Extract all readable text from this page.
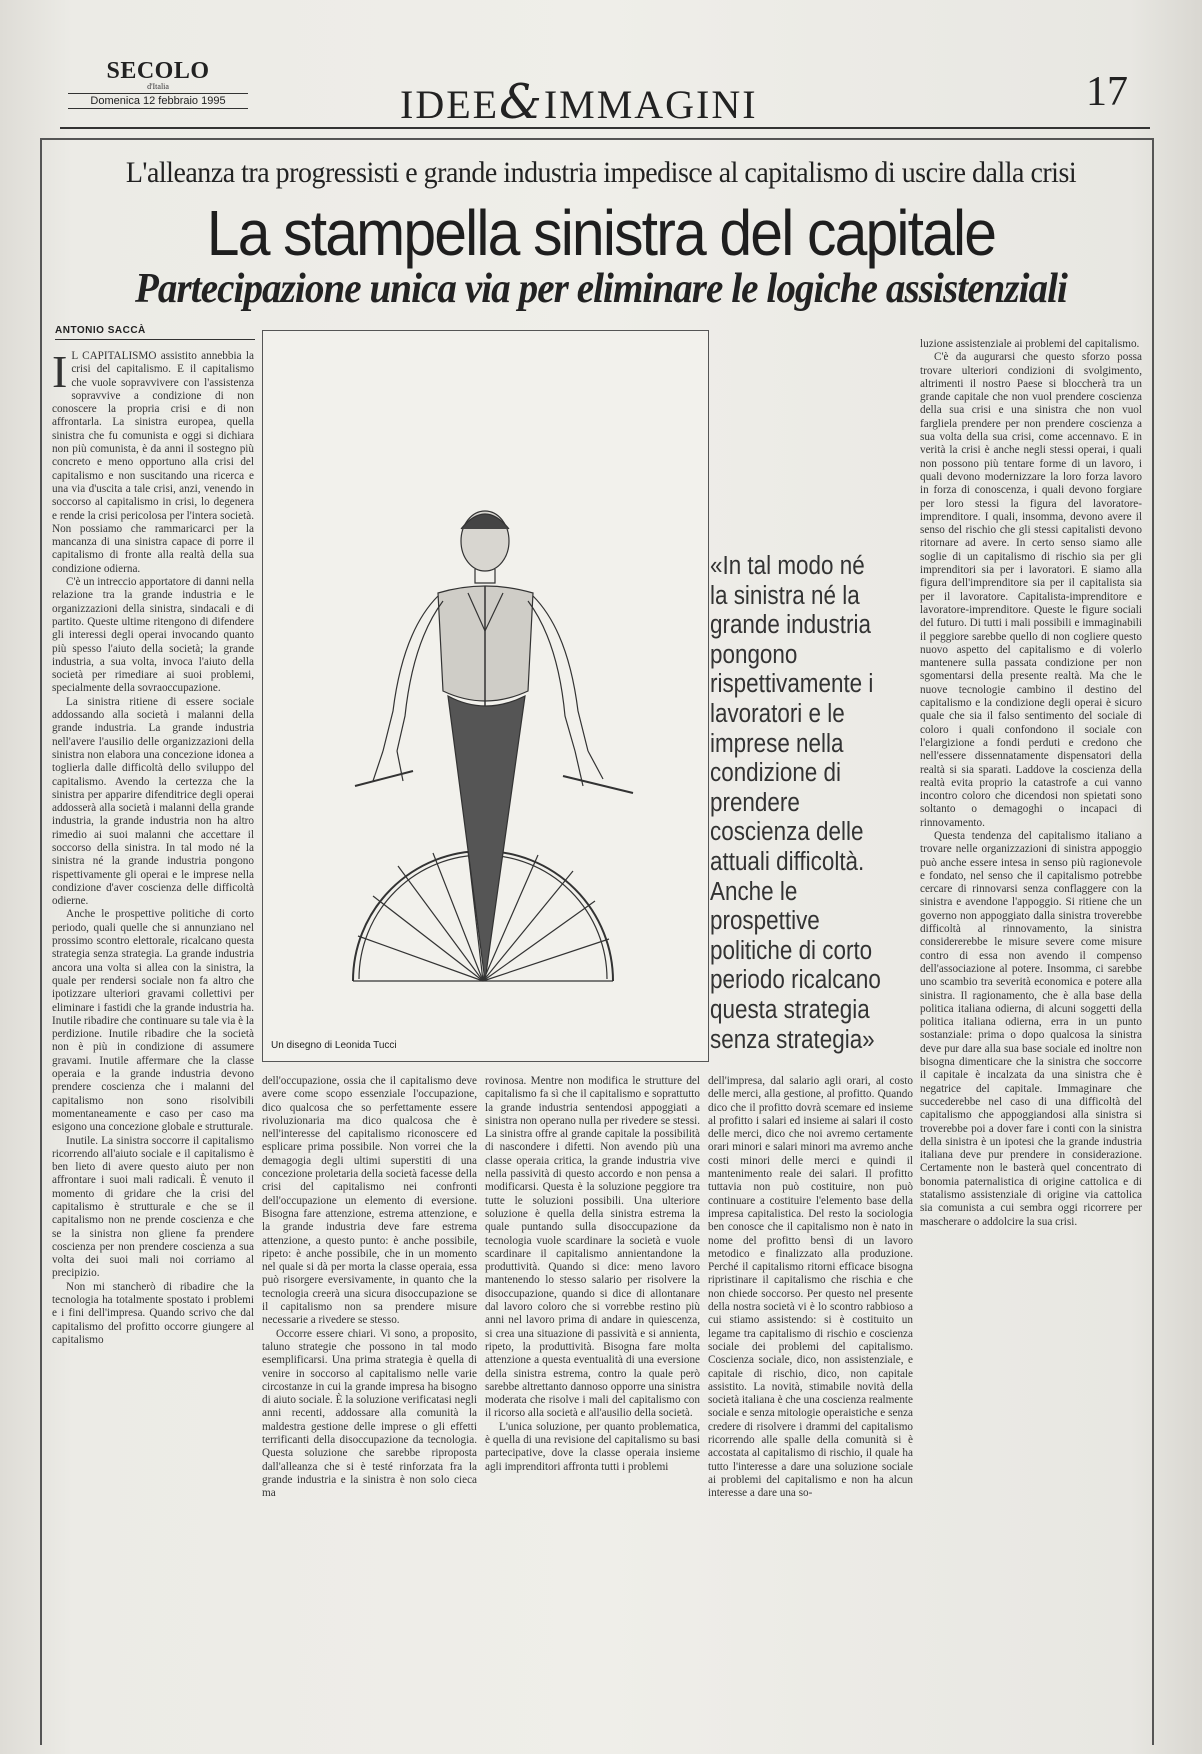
SECOLO
d'Italia
Domenica 12 febbraio 1995	IDEE&IMMAGINI	17
L'alleanza tra progressisti e grande industria impedisce al capitalismo di uscire dalla crisi
La stampella sinistra del capitale
Partecipazione unica via per eliminare le logiche assistenziali
ANTONIO SACCÀ

I L CAPITALISMO assistito annebbia la crisi del capitalismo. E il capitalismo che vuole sopravvivere con l'assistenza sopravvive a condizione di non conoscere la propria crisi e di non affrontarla. La sinistra europea, quella sinistra che fu comunista e oggi si dichiara non più comunista, è da anni il sostegno più concreto e meno opportuno alla crisi del capitalismo e non suscitando una ricerca e una via d'uscita a tale crisi, anzi, venendo in soccorso al capitalismo in crisi, lo degenera e rende la crisi pericolosa per l'intera società. Non possiamo che rammaricarci per la mancanza di una sinistra capace di porre il capitalismo di fronte alla realtà della sua condizione odierna.

C'è un intreccio apportatore di danni nella relazione tra la grande industria e le organizzazioni della sinistra, sindacali e di partito. Queste ultime ritengono di difendere gli interessi degli operai invocando quanto più spesso l'aiuto della società; la grande industria, a sua volta, invoca l'aiuto della società per rimediare ai suoi problemi, specialmente della sovraoccupazione.

La sinistra ritiene di essere sociale addossando alla società i malanni della grande industria. La grande industria nell'avere l'ausilio delle organizzazioni della sinistra non elabora una concezione idonea a toglierla dalle difficoltà dello sviluppo del capitalismo. Avendo la certezza che la sinistra per apparire difenditrice degli operai addosserà alla società i malanni della grande industria, la grande industria non ha altro rimedio ai suoi malanni che accettare il soccorso della sinistra. In tal modo né la sinistra né la grande industria pongono rispettivamente gli operai e le imprese nella condizione d'aver coscienza delle difficoltà odierne.

Anche le prospettive politiche di corto periodo, quali quelle che si annunziano nel prossimo scontro elettorale, ricalcano questa strategia senza strategia. La grande industria ancora una volta si allea con la sinistra, la quale per rendersi sociale non fa altro che ipotizzare ulteriori gravami collettivi per eliminare i fastidi che la grande industria ha. Inutile ribadire che continuare su tale via è la perdizione. Inutile ribadire che la società non è più in condizione di assumere gravami. Inutile affermare che la classe operaia e la grande industria devono prendere coscienza che i malanni del capitalismo non sono risolvibili momentaneamente e caso per caso ma esigono una concezione globale e strutturale.

Inutile. La sinistra soccorre il capitalismo ricorrendo all'aiuto sociale e il capitalismo è ben lieto di avere questo aiuto per non affrontare i suoi mali radicali. È venuto il momento di gridare che la crisi del capitalismo è strutturale e che se il capitalismo non ne prende coscienza e che se la sinistra non gliene fa prendere coscienza per non prendere coscienza a sua volta dei suoi mali noi corriamo al precipizio.

Non mi stancherò di ribadire che la tecnologia ha totalmente spostato i problemi e i fini dell'impresa. Quando scrivo che dal capitalismo del profitto occorre giungere al capitalismo

Un disegno di Leonida Tucci
«In tal modo né la sinistra né la grande industria pongono rispettivamente i lavoratori e le imprese nella condizione di prendere coscienza delle attuali difficoltà. Anche le prospettive politiche di corto periodo ricalcano questa strategia senza strategia»

dell'occupazione, ossia che il capitalismo deve avere come scopo essenziale l'occupazione, dico qualcosa che so perfettamente essere rivoluzionaria ma dico qualcosa che è nell'interesse del capitalismo riconoscere ed esplicare prima possibile. Non vorrei che la demagogia degli ultimi superstiti di una concezione proletaria della società facesse della crisi del capitalismo nei confronti dell'occupazione un elemento di eversione. Bisogna fare attenzione, estrema attenzione, e la grande industria deve fare estrema attenzione, a questo punto: è anche possibile, ripeto: è anche possibile, che in un momento nel quale si dà per morta la classe operaia, essa può risorgere eversivamente, in quanto che la tecnologia creerà una sicura disoccupazione se il capitalismo non sa prendere misure necessarie a rivedere se stesso.

Occorre essere chiari. Vi sono, a proposito, taluno strategie che possono in tal modo esemplificarsi. Una prima strategia è quella di venire in soccorso al capitalismo nelle varie circostanze in cui la grande impresa ha bisogno di aiuto sociale. È la soluzione verificatasi negli anni recenti, addossare alla comunità la maldestra gestione delle imprese o gli effetti terrificanti della disoccupazione da tecnologia. Questa soluzione che sarebbe riproposta dall'alleanza che si è testé rinforzata fra la grande industria e la sinistra è non solo cieca ma

rovinosa. Mentre non modifica le strutture del capitalismo fa sì che il capitalismo e soprattutto la grande industria sentendosi appoggiati a sinistra non operano nulla per rivedere se stessi. La sinistra offre al grande capitale la possibilità di nascondere i difetti. Non avendo più una classe operaia critica, la grande industria vive nella passività di questo accordo e non pensa a modificarsi. Questa è la soluzione peggiore tra tutte le soluzioni possibili. Una ulteriore soluzione è quella della sinistra estrema la quale puntando sulla disoccupazione da tecnologia vuole scardinare la società e vuole scardinare il capitalismo annientandone la produttività. Quando si dice: meno lavoro mantenendo lo stesso salario per risolvere la disoccupazione, quando si dice di allontanare dal lavoro coloro che si vorrebbe restino più anni nel lavoro prima di andare in quiescenza, si crea una situazione di passività e si annienta, ripeto, la produttività. Bisogna fare molta attenzione a questa eventualità di una eversione della sinistra estrema, contro la quale però sarebbe altrettanto dannoso opporre una sinistra moderata che risolve i mali del capitalismo con il ricorso alla società e all'ausilio della società.

L'unica soluzione, per quanto problematica, è quella di una revisione del capitalismo su basi partecipative, dove la classe operaia insieme agli imprenditori affronta tutti i problemi

dell'impresa, dal salario agli orari, al costo delle merci, alla gestione, al profitto. Quando dico che il profitto dovrà scemare ed insieme al profitto i salari ed insieme ai salari il costo delle merci, dico che noi avremo certamente orari minori e salari minori ma avremo anche costi minori delle merci e quindi il mantenimento reale dei salari. Il profitto tuttavia non può costituire, non può continuare a costituire l'elemento base della impresa capitalistica. Del resto la sociologia ben conosce che il capitalismo non è nato in nome del profitto bensì di un lavoro metodico e finalizzato alla produzione. Perché il capitalismo ritorni efficace bisogna ripristinare il capitalismo che rischia e che non chiede soccorso. Per questo nel presente della nostra società vi è lo scontro rabbioso a cui stiamo assistendo: si è costituito un legame tra capitalismo di rischio e coscienza sociale dei problemi del capitalismo. Coscienza sociale, dico, non assistenziale, e capitale di rischio, dico, non capitale assistito. La novità, stimabile novità della società italiana è che una coscienza realmente sociale e senza mitologie operaistiche e senza credere di risolvere i drammi del capitalismo ricorrendo alle spalle della comunità si è accostata al capitalismo di rischio, il quale ha tutto l'interesse a dare una soluzione sociale ai problemi del capitalismo e non ha alcun interesse a dare una so-

luzione assistenziale ai problemi del capitalismo.

C'è da augurarsi che questo sforzo possa trovare ulteriori condizioni di svolgimento, altrimenti il nostro Paese si bloccherà tra un grande capitale che non vuol prendere coscienza della sua crisi e una sinistra che non vuol fargliela prendere per non prendere coscienza a sua volta della sua crisi, come accennavo. E in verità la crisi è anche negli stessi operai, i quali non possono più tentare forme di un lavoro, i quali devono modernizzare la loro forza lavoro in forza di conoscenza, i quali devono forgiare per loro stessi la figura del lavoratore-imprenditore. I quali, insomma, devono avere il senso del rischio che gli stessi capitalisti devono ritornare ad avere. In certo senso siamo alle soglie di un capitalismo di rischio sia per gli imprenditori sia per i lavoratori. E siamo alla figura dell'imprenditore sia per il capitalista sia per il lavoratore. Capitalista-imprenditore e lavoratore-imprenditore. Queste le figure sociali del futuro. Di tutti i mali possibili e immaginabili il peggiore sarebbe quello di non cogliere questo nuovo aspetto del capitalismo e di volerlo mantenere sulla passata condizione per non sgomentarsi della presente realtà. Ma che le nuove tecnologie cambino il destino del capitalismo e la condizione degli operai è sicuro quale che sia il falso sentimento del sociale di coloro i quali confondono il sociale con l'elargizione a fondi perduti e credono che nell'essere dissennatamente dispensatori della realtà si sia sparati. Laddove la coscienza della realtà evita proprio la catastrofe a cui vanno incontro coloro che dicendosi non spietati sono soltanto o demagoghi o incapaci di rinnovamento.

Questa tendenza del capitalismo italiano a trovare nelle organizzazioni di sinistra appoggio può anche essere intesa in senso più ragionevole e fondato, nel senso che il capitalismo potrebbe cercare di rinnovarsi senza conflaggere con la sinistra e avendone l'appoggio. Si ritiene che un governo non appoggiato dalla sinistra troverebbe difficoltà al rinnovamento, la sinistra considererebbe le misure severe come misure contro di essa non avendo il compenso dell'associazione al potere. Insomma, ci sarebbe uno scambio tra severità economica e potere alla sinistra. Il ragionamento, che è alla base della politica italiana odierna, di alcuni soggetti della politica italiana odierna, erra in un punto sostanziale: prima o dopo qualcosa la sinistra deve pur dare alla sua base sociale ed inoltre non bisogna dimenticare che la sinistra che soccorre il capitale è incalzata da una sinistra che è negatrice del capitale. Immaginare che succederebbe nel caso di una difficoltà del capitalismo che appoggiandosi alla sinistra si troverebbe poi a dover fare i conti con la sinistra della sinistra è un ipotesi che la grande industria italiana deve pur prendere in considerazione. Certamente non le basterà quel concentrato di bonomia paternalistica di origine cattolica e di statalismo assistenziale di origine via cattolica sia comunista a cui sembra oggi ricorrere per mascherare o addolcire la sua crisi.
